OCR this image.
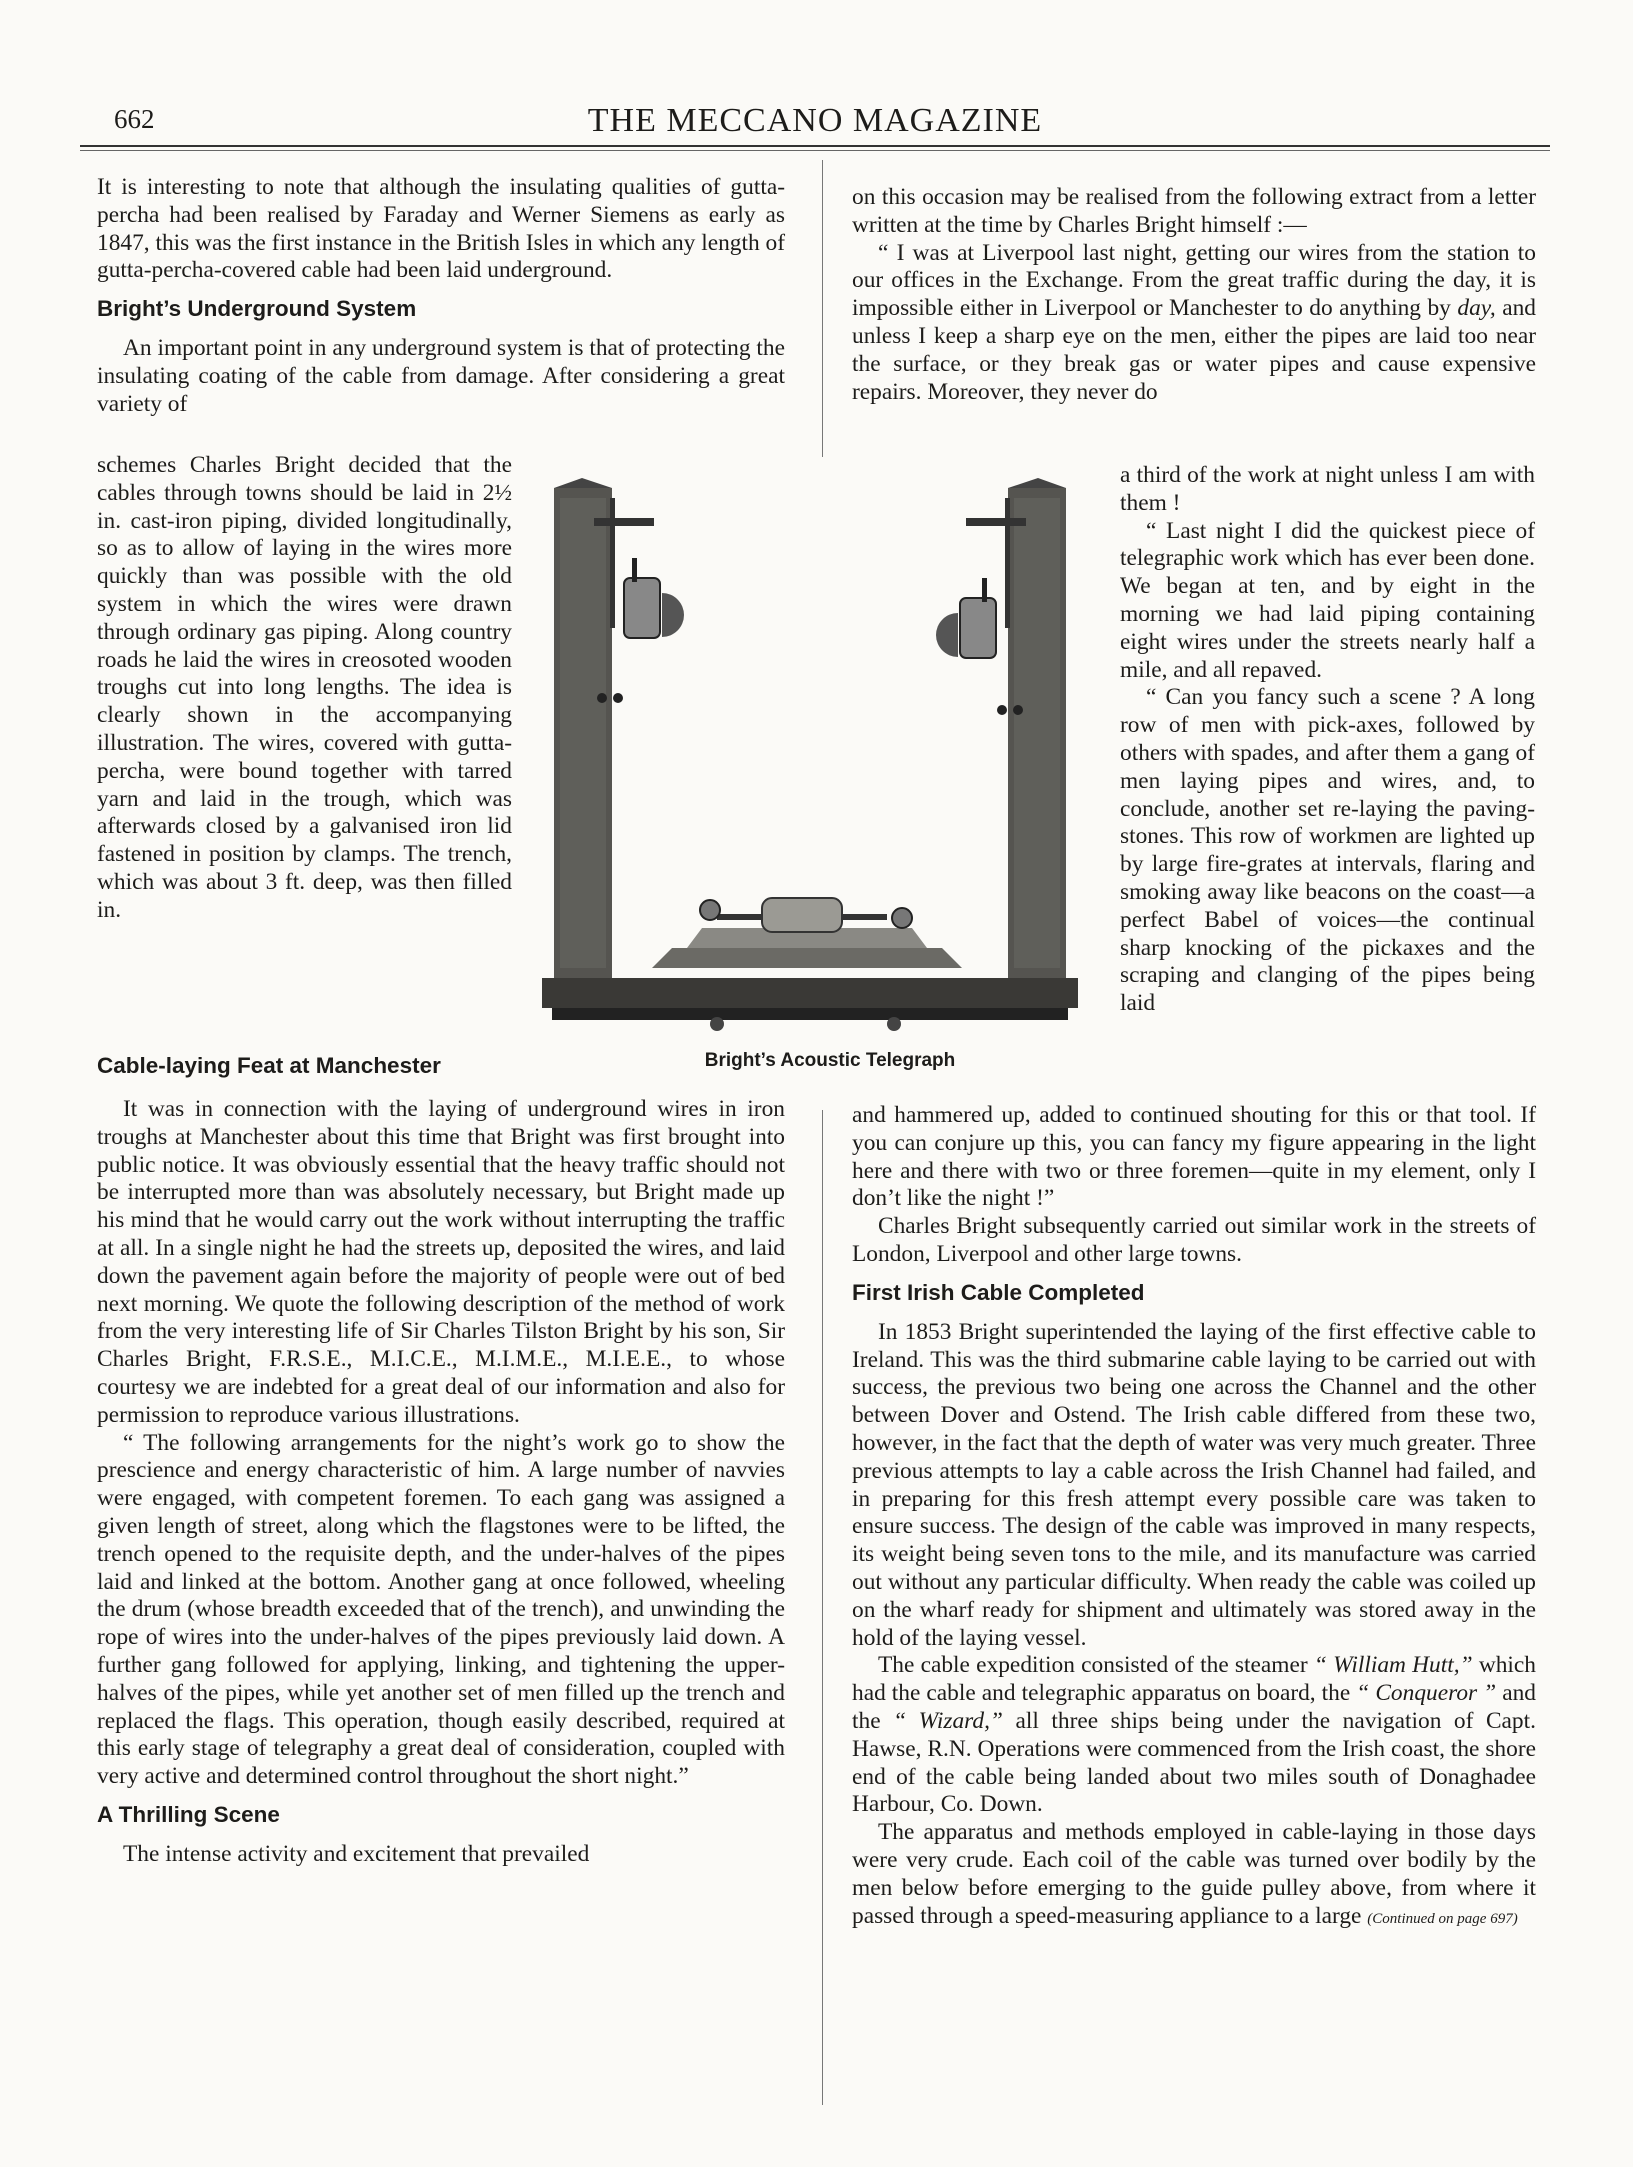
662	THE MECCANO MAGAZINE

It is interesting to note that although the insulating qualities of gutta-percha had been realised by Faraday and Werner Siemens as early as 1847, this was the first instance in the British Isles in which any length of gutta-percha-covered cable had been laid underground.

Bright’s Underground System

An important point in any underground system is that of protecting the insulating coating of the cable from damage. After considering a great variety of

schemes Charles Bright decided that the cables through towns should be laid in 2½ in. cast-iron piping, divided longitudinally, so as to allow of laying in the wires more quickly than was possible with the old system in which the wires were drawn through ordinary gas piping. Along country roads he laid the wires in creosoted wooden troughs cut into long lengths. The idea is clearly shown in the accompanying illustration. The wires, covered with gutta-percha, were bound together with tarred yarn and laid in the trough, which was afterwards closed by a galvanised iron lid fastened in position by clamps. The trench, which was about 3 ft. deep, was then filled in.

Cable-laying Feat at Manchester

It was in connection with the laying of underground wires in iron troughs at Manchester about this time that Bright was first brought into public notice. It was obviously essential that the heavy traffic should not be interrupted more than was absolutely necessary, but Bright made up his mind that he would carry out the work without interrupting the traffic at all. In a single night he had the streets up, deposited the wires, and laid down the pavement again before the majority of people were out of bed next morning. We quote the following description of the method of work from the very interesting life of Sir Charles Tilston Bright by his son, Sir Charles Bright, F.R.S.E., M.I.C.E., M.I.M.E., M.I.E.E., to whose courtesy we are indebted for a great deal of our information and also for permission to reproduce various illustrations.

“ The following arrangements for the night’s work go to show the prescience and energy characteristic of him. A large number of navvies were engaged, with competent foremen. To each gang was assigned a given length of street, along which the flagstones were to be lifted, the trench opened to the requisite depth, and the under-halves of the pipes laid and linked at the bottom. Another gang at once followed, wheeling the drum (whose breadth exceeded that of the trench), and unwinding the rope of wires into the under-halves of the pipes previously laid down. A further gang followed for applying, linking, and tightening the upper-halves of the pipes, while yet another set of men filled up the trench and replaced the flags. This operation, though easily described, required at this early stage of telegraphy a great deal of consideration, coupled with very active and determined control throughout the short night.”

A Thrilling Scene

The intense activity and excitement that prevailed

on this occasion may be realised from the following extract from a letter written at the time by Charles Bright himself :—

“ I was at Liverpool last night, getting our wires from the station to our offices in the Exchange. From the great traffic during the day, it is impossible either in Liverpool or Manchester to do anything by day, and unless I keep a sharp eye on the men, either the pipes are laid too near the surface, or they break gas or water pipes and cause expensive repairs. Moreover, they never do

a third of the work at night unless I am with them !

“ Last night I did the quickest piece of telegraphic work which has ever been done. We began at ten, and by eight in the morning we had laid piping containing eight wires under the streets nearly half a mile, and all repaved.

“ Can you fancy such a scene ? A long row of men with pick-axes, followed by others with spades, and after them a gang of men laying pipes and wires, and, to conclude, another set re-laying the paving-stones. This row of workmen are lighted up by large fire-grates at intervals, flaring and smoking away like beacons on the coast—a perfect Babel of voices—the continual sharp knocking of the pickaxes and the scraping and clanging of the pipes being laid

and hammered up, added to continued shouting for this or that tool. If you can conjure up this, you can fancy my figure appearing in the light here and there with two or three foremen—quite in my element, only I don’t like the night !”

Charles Bright subsequently carried out similar work in the streets of London, Liverpool and other large towns.

First Irish Cable Completed

In 1853 Bright superintended the laying of the first effective cable to Ireland. This was the third submarine cable laying to be carried out with success, the previous two being one across the Channel and the other between Dover and Ostend. The Irish cable differed from these two, however, in the fact that the depth of water was very much greater. Three previous attempts to lay a cable across the Irish Channel had failed, and in preparing for this fresh attempt every possible care was taken to ensure success. The design of the cable was improved in many respects, its weight being seven tons to the mile, and its manufacture was carried out without any particular difficulty. When ready the cable was coiled up on the wharf ready for shipment and ultimately was stored away in the hold of the laying vessel.

The cable expedition consisted of the steamer “ William Hutt,” which had the cable and telegraphic apparatus on board, the “ Conqueror ” and the “ Wizard,” all three ships being under the navigation of Capt. Hawse, R.N. Operations were commenced from the Irish coast, the shore end of the cable being landed about two miles south of Donaghadee Harbour, Co. Down.

The apparatus and methods employed in cable-laying in those days were very crude. Each coil of the cable was turned over bodily by the men below before emerging to the guide pulley above, from where it passed through a speed-measuring appliance to a large (Continued on page 697)

Bright’s Acoustic Telegraph
